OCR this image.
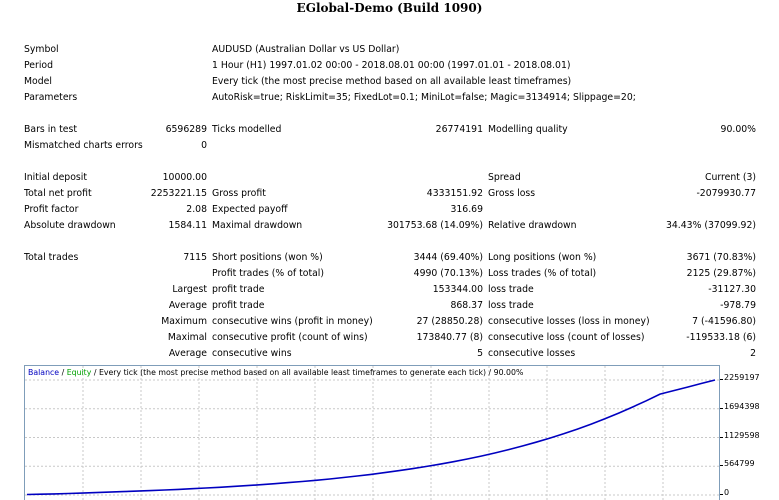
EGlobal-Demo (Build 1090)
Symbol	AUDUSD (Australian Dollar vs US Dollar)
Period	1 Hour (H1) 1997.01.02 00:00 - 2018.08.01 00:00 (1997.01.01 - 2018.08.01)
Model	Every tick (the most precise method based on all available least timeframes)
Parameters	AutoRisk=true; RiskLimit=35; FixedLot=0.1; MiniLot=false; Magic=3134914; Slippage=20;
Bars in test	6596289 Ticks modelled	26774191 Modelling quality	90.00%
Mismatched charts errors	0
Initial deposit	10000.00	Spread	Current (3)
Total net profit	2253221.15 Gross profit	4333151.92 Gross loss	-2079930.77
Profit factor	2.08 Expected payoff	316.69
Absolute drawdown	1584.11 Maximal drawdown	301753.68 (14.09%) Relative drawdown	34.43% (37099.92)
Total trades	7115 Short positions (won %)	3444 (69.40%) Long positions (won %)	3671 (70.83%)
Profit trades (% of total)	4990 (70.13%) Loss trades (% of total)	2125 (29.87%)
Largest profit trade	153344.00 loss trade	-31127.30
Average profit trade	868.37 loss trade	-978.79
Maximum consecutive wins (profit in money)	27 (28850.28) consecutive losses (loss in money)	7 (-41596.80)
Maximal consecutive profit (count of wins)	173840.77 (8) consecutive loss (count of losses)	-119533.18 (6)
Average consecutive wins	5 consecutive losses	2
Balance / Equity / Every tick (the most precise method based on all available least timeframes to generate each tick) / 90.00%
2259197
1694398
1129598
564799
0
